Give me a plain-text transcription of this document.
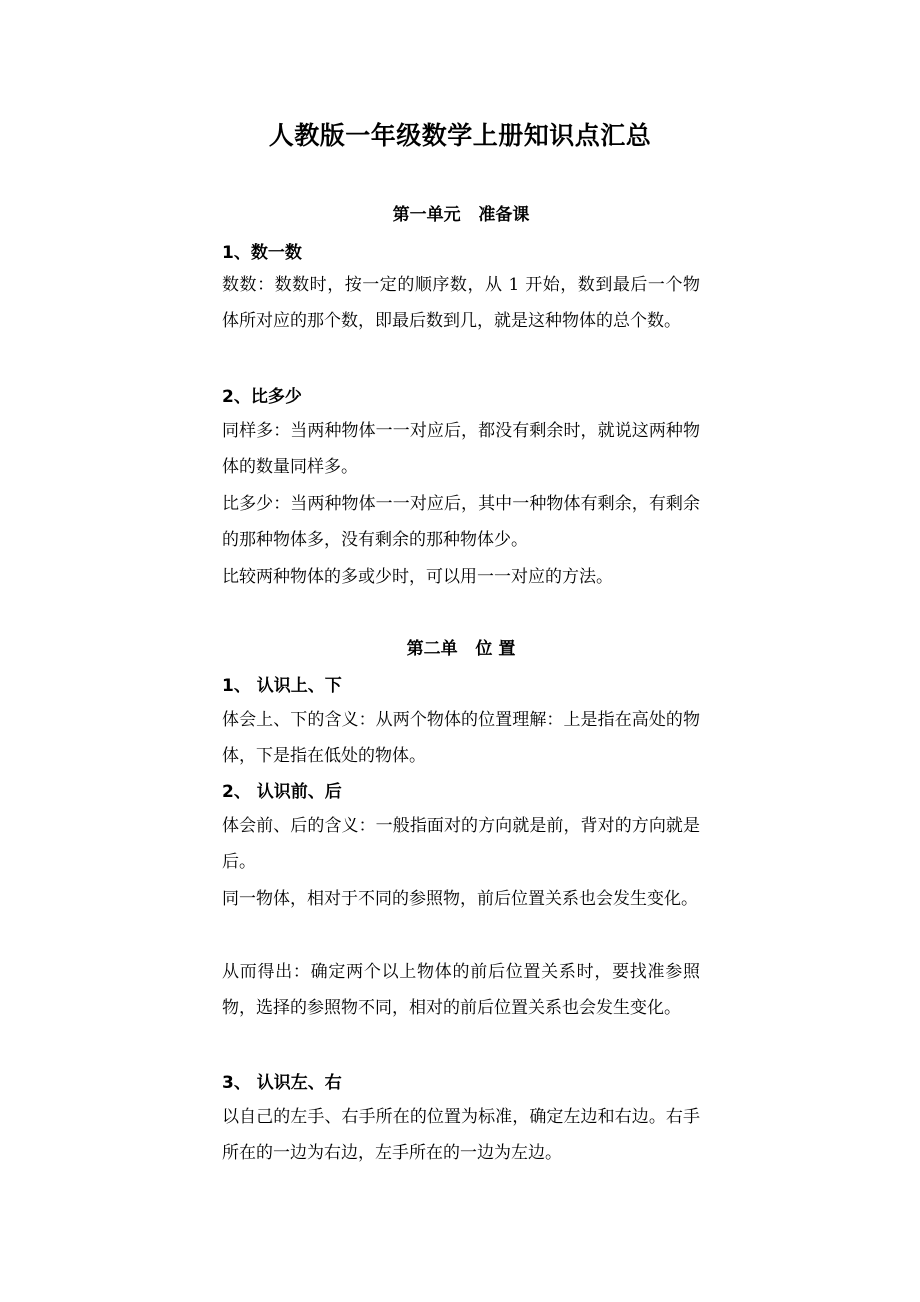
人教版一年级数学上册知识点汇总
第一单元   准备课
1、数一数
数数：数数时，按一定的顺序数，从 1 开始，数到最后一个物体所对应的那个数，即最后数到几，就是这种物体的总个数。
2、比多少
同样多：当两种物体一一对应后，都没有剩余时，就说这两种物体的数量同样多。
比多少：当两种物体一一对应后，其中一种物体有剩余，有剩余的那种物体多，没有剩余的那种物体少。
比较两种物体的多或少时，可以用一一对应的方法。
第二单   位 置
1、 认识上、下
体会上、下的含义：从两个物体的位置理解：上是指在高处的物体，下是指在低处的物体。
2、 认识前、后
体会前、后的含义：一般指面对的方向就是前，背对的方向就是后。
同一物体，相对于不同的参照物，前后位置关系也会发生变化。
从而得出：确定两个以上物体的前后位置关系时，要找准参照物，选择的参照物不同，相对的前后位置关系也会发生变化。
3、 认识左、右
以自己的左手、右手所在的位置为标准，确定左边和右边。右手所在的一边为右边，左手所在的一边为左边。
